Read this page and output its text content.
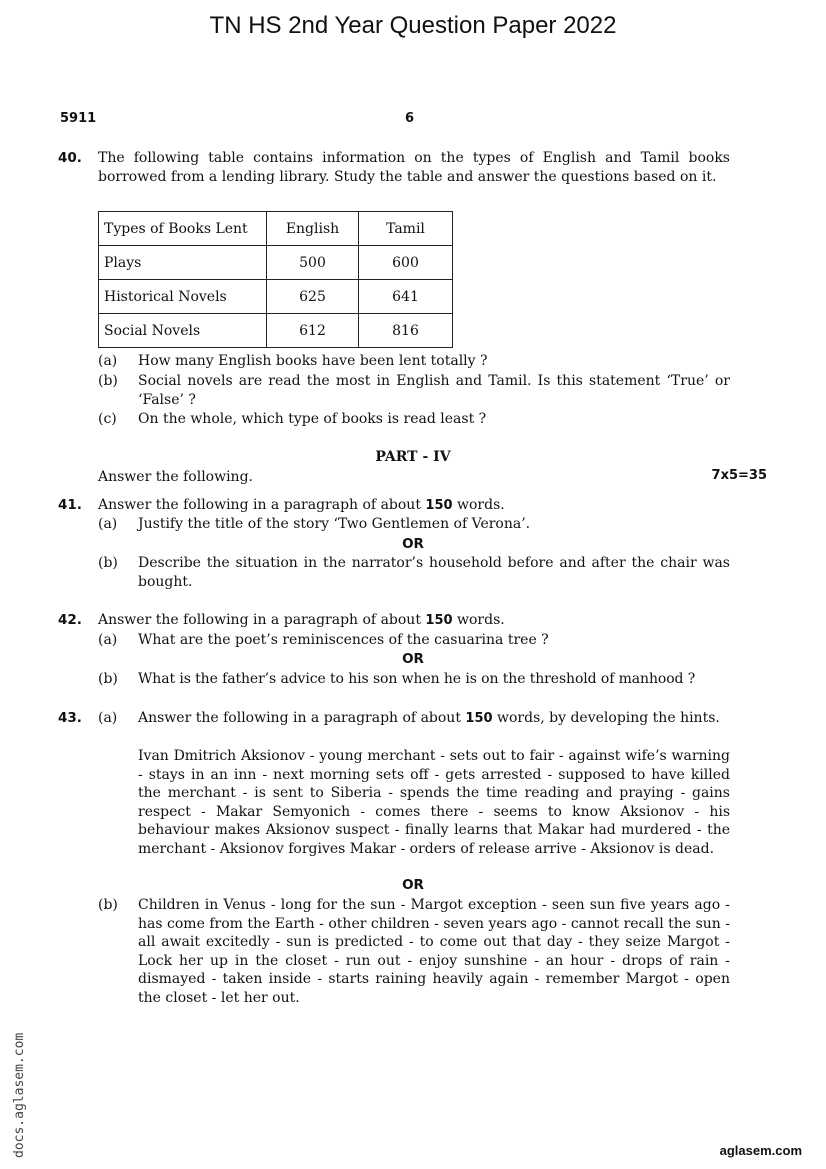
TN HS 2nd Year Question Paper 2022
5911	6
40. The following table contains information on the types of English and Tamil books borrowed from a lending library. Study the table and answer the questions based on it.
Types of Books Lent	English	Tamil
Plays	500	600
Historical Novels	625	641
Social Novels	612	816
(a)	How many English books have been lent totally ?
(b)	Social novels are read the most in English and Tamil. Is this statement ‘True’ or ‘False’ ?
(c)	On the whole, which type of books is read least ?
PART - IV
Answer the following.	7x5=35
41. Answer the following in a paragraph of about 150 words.
(a)	Justify the title of the story ‘Two Gentlemen of Verona’.
OR
(b)	Describe the situation in the narrator’s household before and after the chair was bought.
42. Answer the following in a paragraph of about 150 words.
(a)	What are the poet’s reminiscences of the casuarina tree ?
OR
(b)	What is the father’s advice to his son when he is on the threshold of manhood ?
43. (a)	Answer the following in a paragraph of about 150 words, by developing the hints.
Ivan Dmitrich Aksionov - young merchant - sets out to fair - against wife’s warning - stays in an inn - next morning sets off - gets arrested - supposed to have killed the merchant - is sent to Siberia - spends the time reading and praying - gains respect - Makar Semyonich - comes there - seems to know Aksionov - his behaviour makes Aksionov suspect - finally learns that Makar had murdered - the merchant - Aksionov forgives Makar - orders of release arrive - Aksionov is dead.
OR
(b)	Children in Venus - long for the sun - Margot exception - seen sun five years ago - has come from the Earth - other children - seven years ago - cannot recall the sun - all await excitedly - sun is predicted - to come out that day - they seize Margot - Lock her up in the closet - run out - enjoy sunshine - an hour - drops of rain - dismayed - taken inside - starts raining heavily again - remember Margot - open the closet - let her out.
docs.aglasem.com	aglasem.com
